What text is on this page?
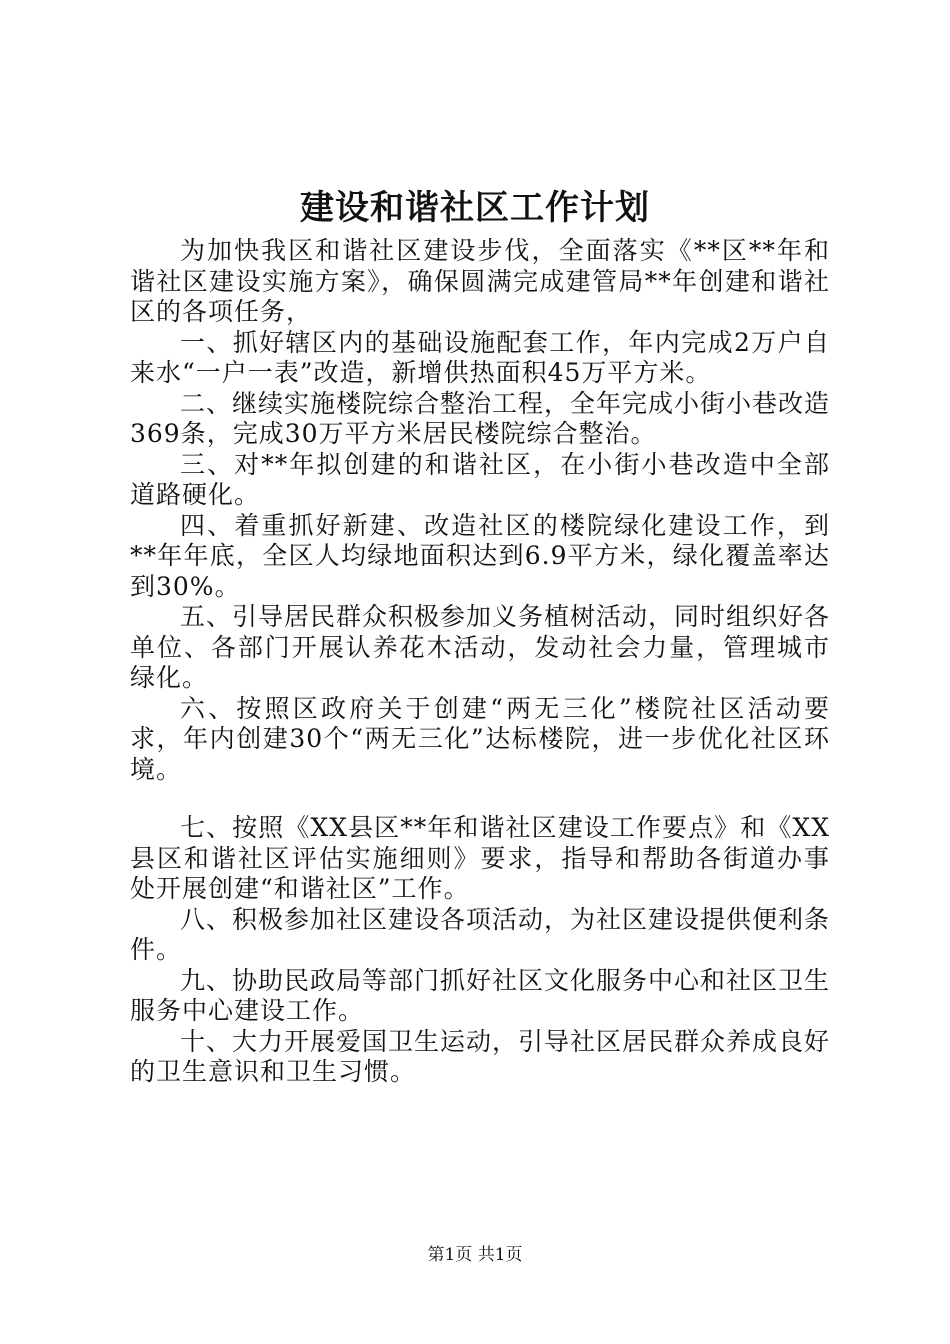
建设和谐社区工作计划

为加快我区和谐社区建设步伐，全面落实《**区**年和谐社区建设实施方案》，确保圆满完成建管局**年创建和谐社区的各项任务，

一、抓好辖区内的基础设施配套工作，年内完成2万户自来水“一户一表”改造，新增供热面积45万平方米。

二、继续实施楼院综合整治工程，全年完成小街小巷改造369条，完成30万平方米居民楼院综合整治。

三、对**年拟创建的和谐社区，在小街小巷改造中全部道路硬化。

四、着重抓好新建、改造社区的楼院绿化建设工作，到**年年底，全区人均绿地面积达到6.9平方米，绿化覆盖率达到30%。

五、引导居民群众积极参加义务植树活动，同时组织好各单位、各部门开展认养花木活动，发动社会力量，管理城市绿化。

六、按照区政府关于创建“两无三化”楼院社区活动要求，年内创建30个“两无三化”达标楼院，进一步优化社区环境。

七、按照《XX县区**年和谐社区建设工作要点》和《XX县区和谐社区评估实施细则》要求，指导和帮助各街道办事处开展创建“和谐社区”工作。

八、积极参加社区建设各项活动，为社区建设提供便利条件。

九、协助民政局等部门抓好社区文化服务中心和社区卫生服务中心建设工作。

十、大力开展爱国卫生运动，引导社区居民群众养成良好的卫生意识和卫生习惯。

第1页 共1页
